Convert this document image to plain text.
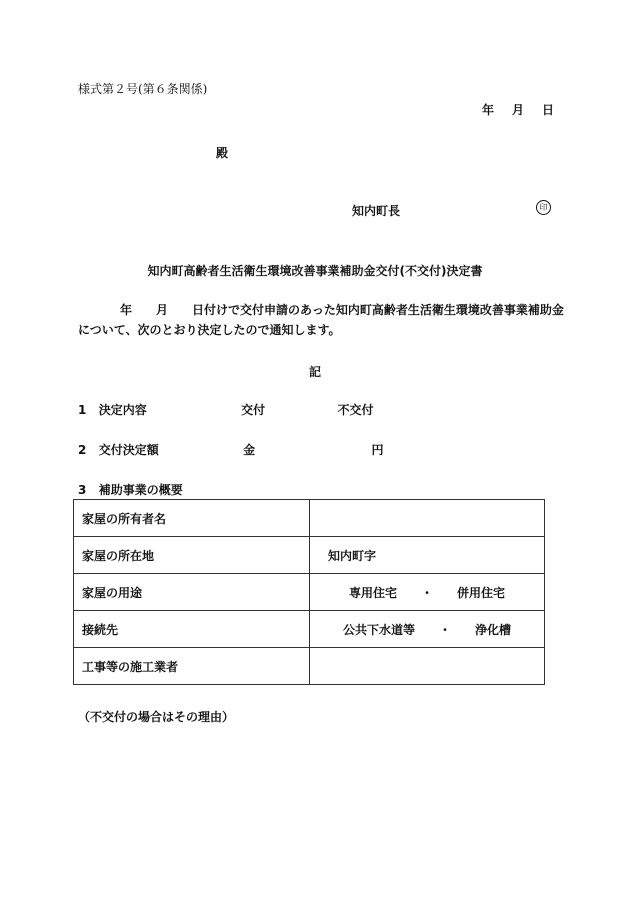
様式第２号(第６条関係)
年 月 日
殿
知内町長	印
知内町高齢者生活衛生環境改善事業補助金交付(不交付)決定書
年　　月　　日付けで交付申請のあった知内町高齢者生活衛生環境改善事業補助金
について、次のとおり決定したので通知します。
記
1 決定内容	交付	不交付
2 交付決定額	金	円
3 補助事業の概要
家屋の所有者名	
家屋の所在地	知内町字
家屋の用途	専用住宅　　・　　併用住宅
接続先	公共下水道等　　・　　浄化槽
工事等の施工業者	
（不交付の場合はその理由）
